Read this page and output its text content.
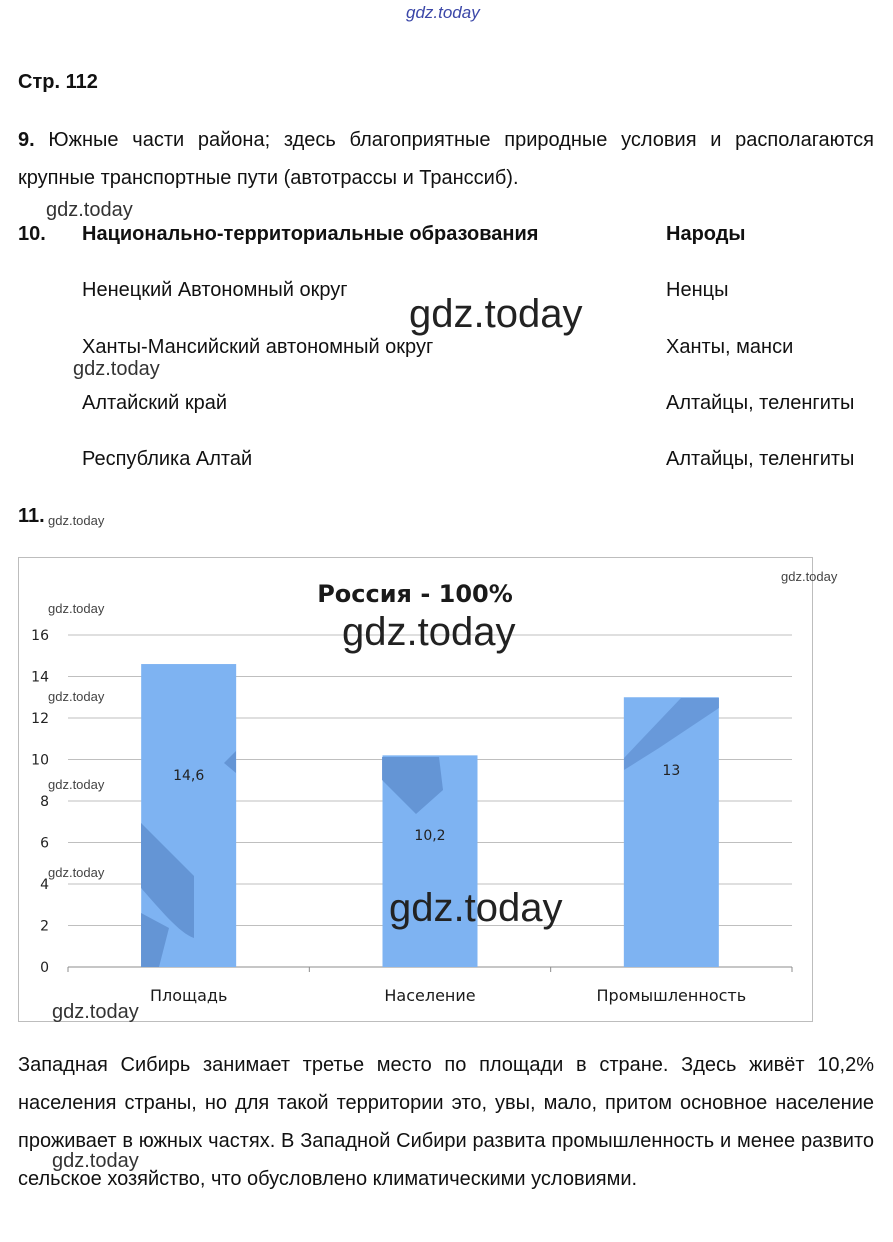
gdz.today
Стр. 112
9. Южные части района; здесь благоприятные природные условия и располагаются крупные транспортные пути (автотрассы и Транссиб).
gdz.today
10. Национально-территориальные образования	Народы
Ненецкий Автономный округ	Ненцы
gdz.today
Ханты-Мансийский автономный округ	Ханты, манси
gdz.today
Алтайский край	Алтайцы, теленгиты
Республика Алтай	Алтайцы, теленгиты
11. gdz.today
Россия - 100%
0
2
4
6
8
10
12
14
16
Площадь
14,6
Население
10,2
Промышленность
13
gdz.today
gdz.today
gdz.today
gdz.today
gdz.today
gdz.today
gdz.today
gdz.today
Западная Сибирь занимает третье место по площади в стране. Здесь живёт 10,2% населения страны, но для такой территории это, увы, мало, притом основное население проживает в южных частях. В Западной Сибири развита промышленность и менее развито сельское хозяйство, что обусловлено климатическими условиями.
gdz.today
